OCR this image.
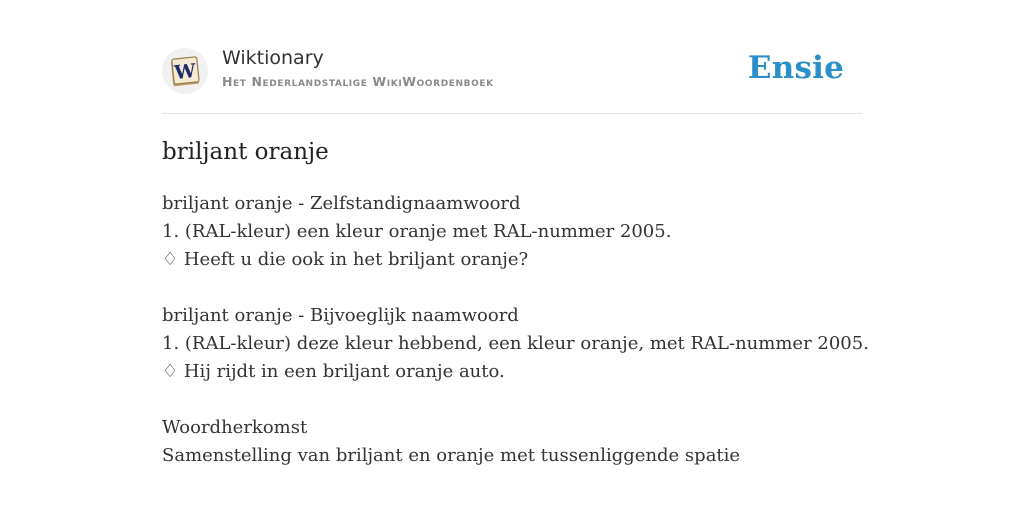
W
Wiktionary
Het Nederlandstalige WikiWoordenboek	Ensie
briljant oranje
briljant oranje - Zelfstandignaamwoord
1. (RAL-kleur) een kleur oranje met RAL-nummer 2005.
♢ Heeft u die ook in het briljant oranje?
briljant oranje - Bijvoeglijk naamwoord
1. (RAL-kleur) deze kleur hebbend, een kleur oranje, met RAL-nummer 2005.
♢ Hij rijdt in een briljant oranje auto.
Woordherkomst
Samenstelling van briljant en oranje met tussenliggende spatie
